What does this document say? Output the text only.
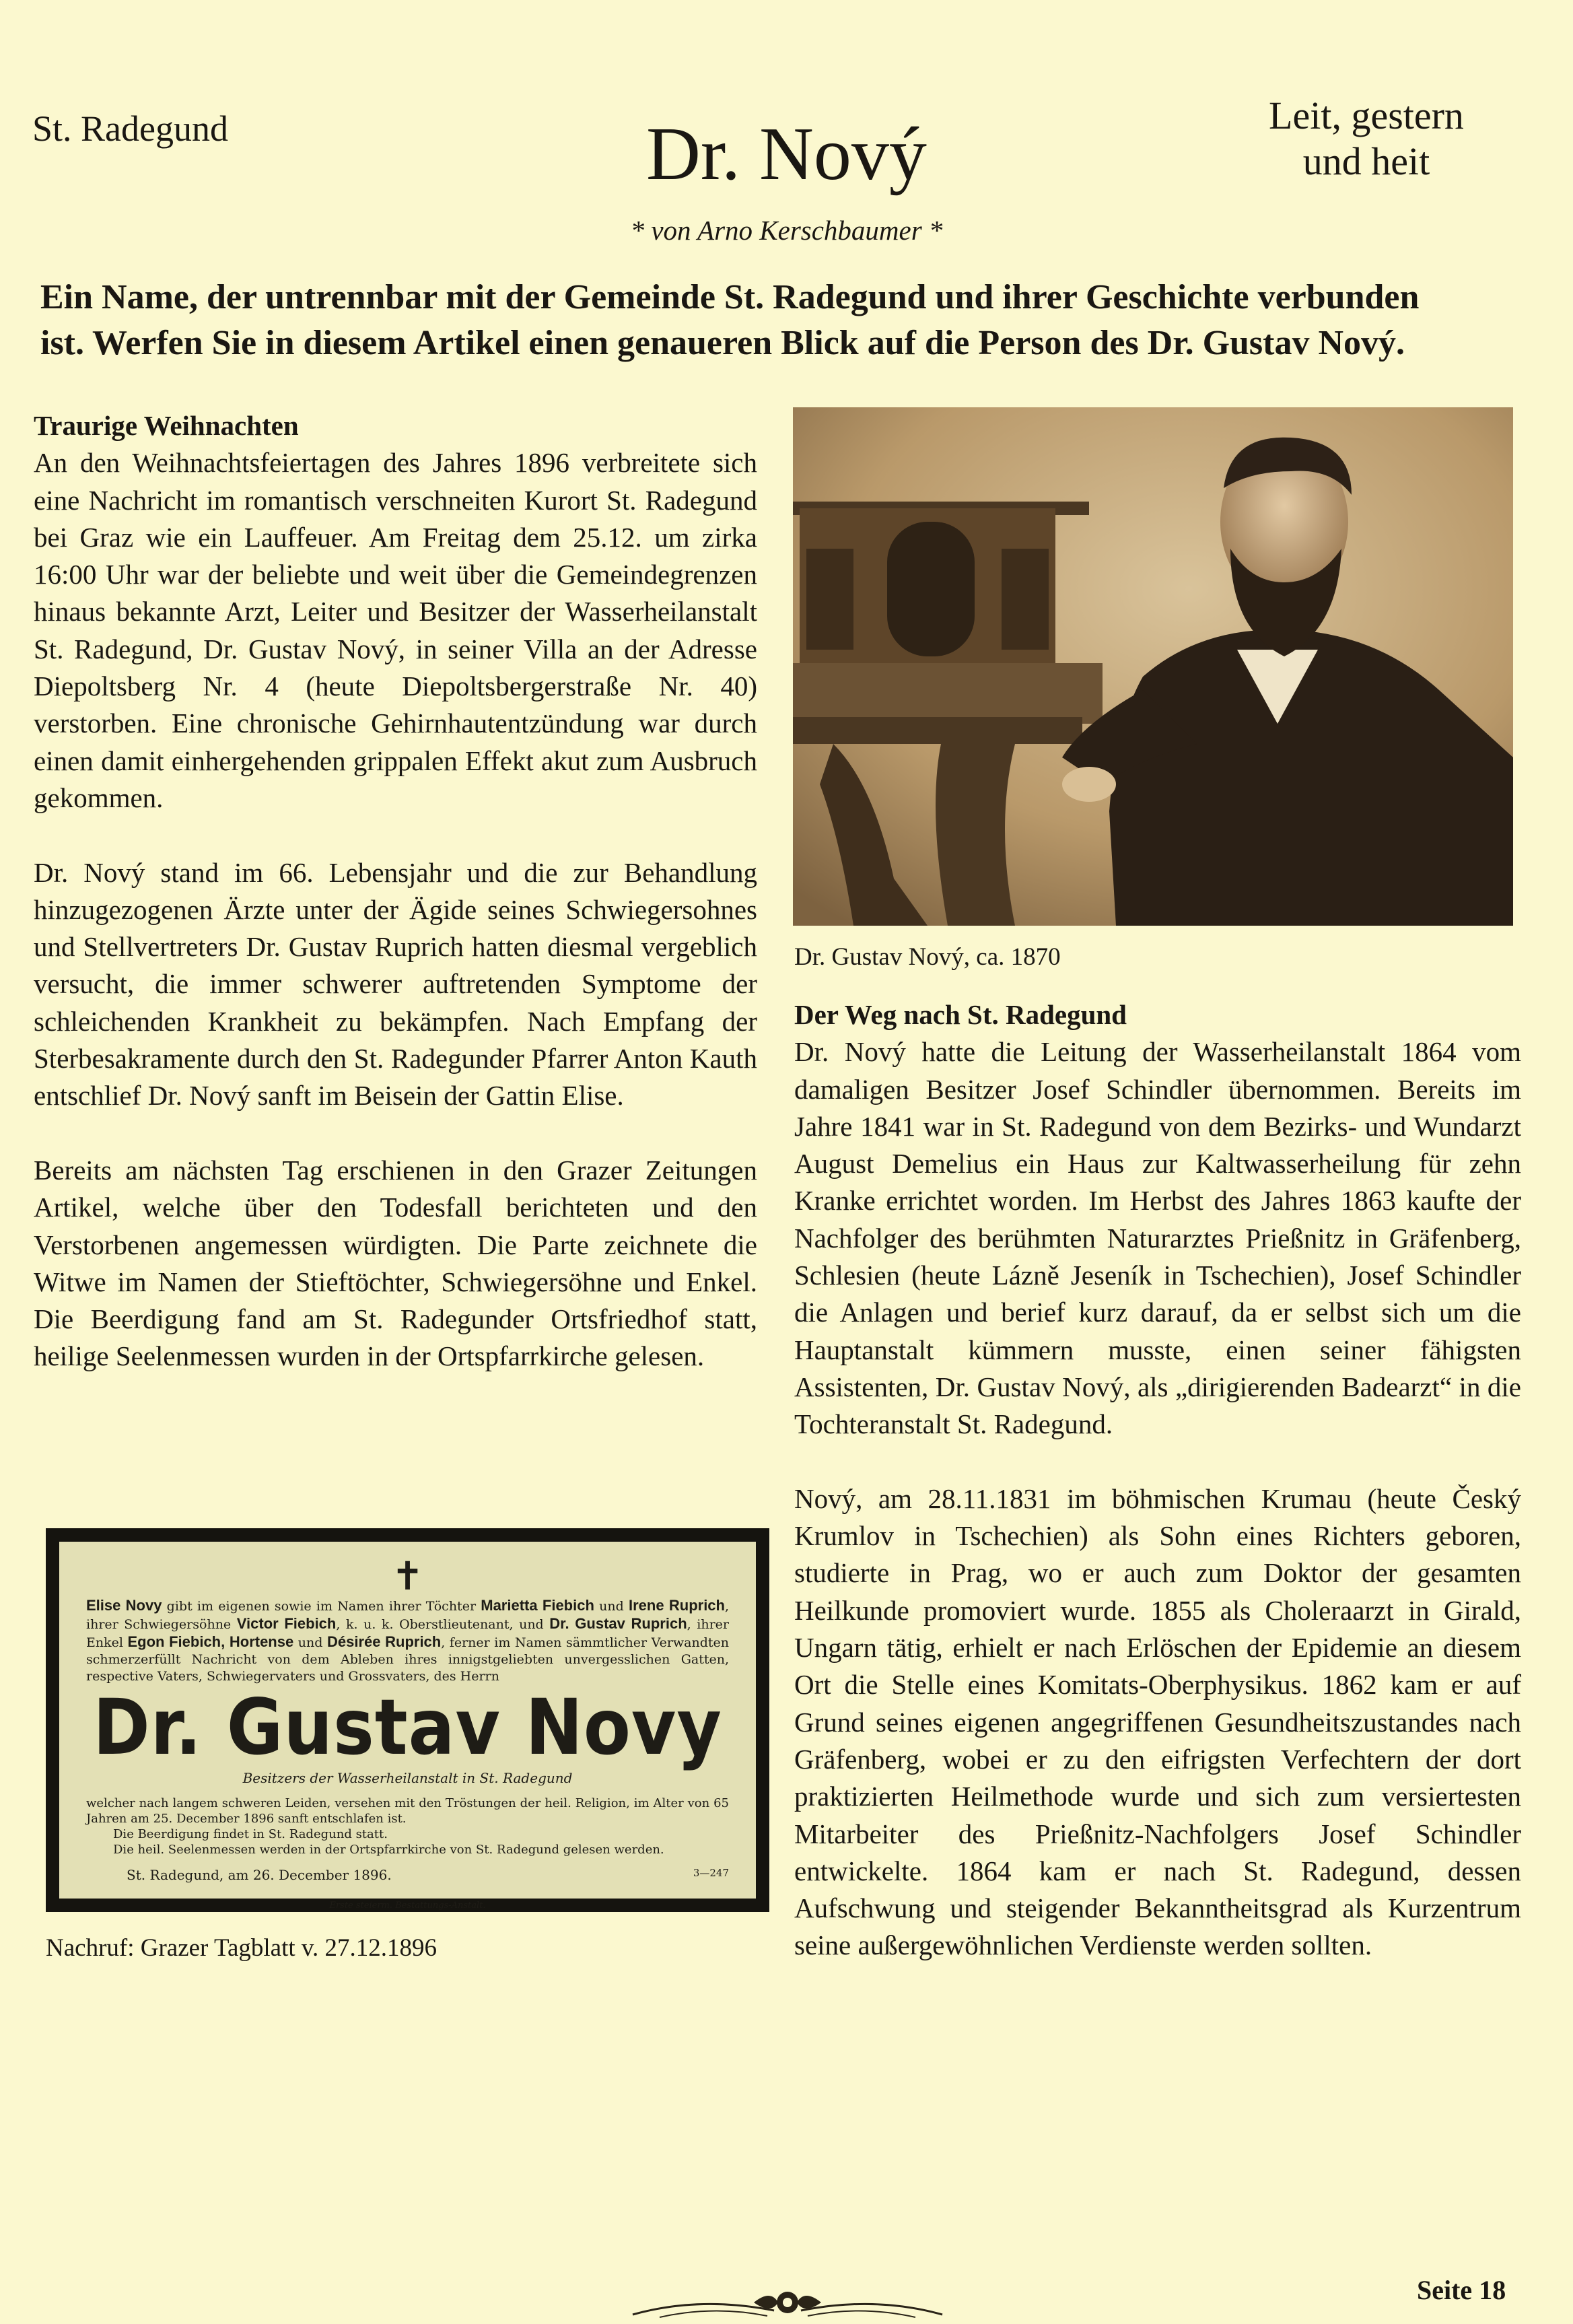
St. Radegund	Dr. Nový	Leit, gestern
und heit
* von Arno Kerschbaumer *
Ein Name, der untrennbar mit der Gemeinde St. Radegund und ihrer Geschichte verbunden
ist. Werfen Sie in diesem Artikel einen genaueren Blick auf die Person des Dr. Gustav Nový.

Traurige Weihnachten

An den Weihnachtsfeiertagen des Jahres 1896 verbreitete sich eine Nachricht im romantisch verschneiten Kurort St. Radegund bei Graz wie ein Lauffeuer. Am Freitag dem 25.12. um zirka 16:00 Uhr war der beliebte und weit über die Gemeindegrenzen hinaus bekannte Arzt, Leiter und Besitzer der Wasserheilanstalt St. Radegund, Dr. Gustav Nový, in seiner Villa an der Adresse Diepoltsberg Nr. 4 (heute Diepoltsbergerstraße Nr. 40) verstorben. Eine chronische Gehirnhautentzündung war durch einen damit einhergehenden grippalen Effekt akut zum Ausbruch gekommen.

Dr. Nový stand im 66. Lebensjahr und die zur Behandlung hinzugezogenen Ärzte unter der Ägide seines Schwiegersohnes und Stellvertreters Dr. Gustav Ruprich hatten diesmal vergeblich versucht, die immer schwerer auftretenden Symptome der schleichenden Krankheit zu bekämpfen. Nach Empfang der Sterbesakramente durch den St. Radegunder Pfarrer Anton Kauth entschlief Dr. Nový sanft im Beisein der Gattin Elise.

Bereits am nächsten Tag erschienen in den Grazer Zeitungen Artikel, welche über den Todesfall berichteten und den Verstorbenen angemessen würdigten. Die Parte zeichnete die Witwe im Namen der Stieftöchter, Schwiegersöhne und Enkel. Die Beerdigung fand am St. Radegunder Ortsfriedhof statt, heilige Seelenmessen wurden in der Ortspfarrkirche gelesen.

Dr. Gustav Nový, ca. 1870

Der Weg nach St. Radegund

Dr. Nový hatte die Leitung der Wasserheilanstalt 1864 vom damaligen Besitzer Josef Schindler übernommen. Bereits im Jahre 1841 war in St. Radegund von dem Bezirks- und Wundarzt August Demelius ein Haus zur Kaltwasserheilung für zehn Kranke errichtet worden. Im Herbst des Jahres 1863 kaufte der Nachfolger des berühmten Naturarztes Prießnitz in Gräfenberg, Schlesien (heute Lázně Jeseník in Tschechien), Josef Schindler die Anlagen und berief kurz darauf, da er selbst sich um die Hauptanstalt kümmern musste, einen seiner fähigsten Assistenten, Dr. Gustav Nový, als „dirigierenden Badearzt“ in die Tochteranstalt St. Radegund.

Nový, am 28.11.1831 im böhmischen Krumau (heute Český Krumlov in Tschechien) als Sohn eines Richters geboren, studierte in Prag, wo er auch zum Doktor der gesamten Heilkunde promoviert wurde. 1855 als Choleraarzt in Girald, Ungarn tätig, erhielt er nach Erlöschen der Epidemie an diesem Ort die Stelle eines Komitats-Oberphysikus. 1862 kam er auf Grund seines eigenen angegriffenen Gesundheitszustandes nach Gräfenberg, wobei er zu den eifrigsten Verfechtern der dort praktizierten Heilmethode wurde und sich zum versiertesten Mitarbeiter des Prießnitz-Nachfolgers Josef Schindler entwickelte. 1864 kam er nach St. Radegund, dessen Aufschwung und steigender Bekanntheitsgrad als Kurzentrum seine außergewöhnlichen Verdienste werden sollten.

✝
Elise Novy gibt im eigenen sowie im Namen ihrer Töchter Marietta Fiebich und Irene Ruprich, ihrer Schwiegersöhne Victor Fiebich, k. u. k. Oberstlieutenant, und Dr. Gustav Ruprich, ihrer Enkel Egon Fiebich, Hortense und Désirée Ruprich, ferner im Namen sämmtlicher Verwandten schmerzerfüllt Nachricht von dem Ableben ihres innigstgeliebten unvergesslichen Gatten, respective Vaters, Schwiegervaters und Grossvaters, des Herrn
Dr. Gustav Novy
Besitzers der Wasserheilanstalt in St. Radegund
welcher nach langem schweren Leiden, versehen mit den Tröstungen der heil. Religion, im Alter von 65 Jahren am 25. December 1896 sanft entschlafen ist.
Die Beerdigung findet in St. Radegund statt.
Die heil. Seelenmessen werden in der Ortspfarrkirche von St. Radegund gelesen werden.
St. Radegund, am 26. December 1896.	3—247
Erste steierm. Bestattungs-Anstalt.
Nachruf: Grazer Tagblatt v. 27.12.1896
Seite 18
